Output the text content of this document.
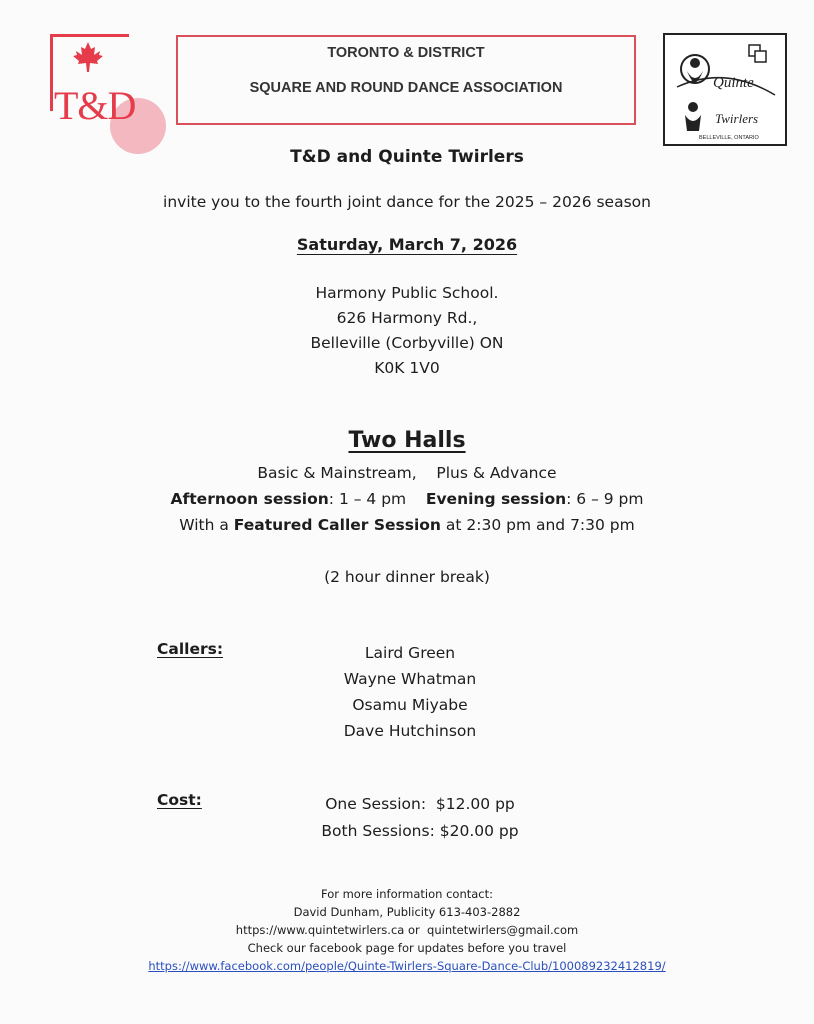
T&D
TORONTO & DISTRICT
SQUARE AND ROUND DANCE ASSOCIATION	Quinte
Twirlers
BELLEVILLE, ONTARIO
T&D and Quinte Twirlers
invite you to the fourth joint dance for the 2025 – 2026 season
Saturday, March 7, 2026
Harmony Public School.
626 Harmony Rd.,
Belleville (Corbyville) ON
K0K 1V0
Two Halls
Basic & Mainstream,    Plus & Advance
Afternoon session: 1 – 4 pm Evening session: 6 – 9 pm
With a Featured Caller Session at 2:30 pm and 7:30 pm
(2 hour dinner break)
Callers:	Laird Green
Wayne Whatman
Osamu Miyabe
Dave Hutchinson
Cost:	One Session:  $12.00 pp
Both Sessions: $20.00 pp
For more information contact:
David Dunham, Publicity 613-403-2882
https://www.quintetwirlers.ca or  quintetwirlers@gmail.com
Check our facebook page for updates before you travel
https://www.facebook.com/people/Quinte-Twirlers-Square-Dance-Club/100089232412819/
